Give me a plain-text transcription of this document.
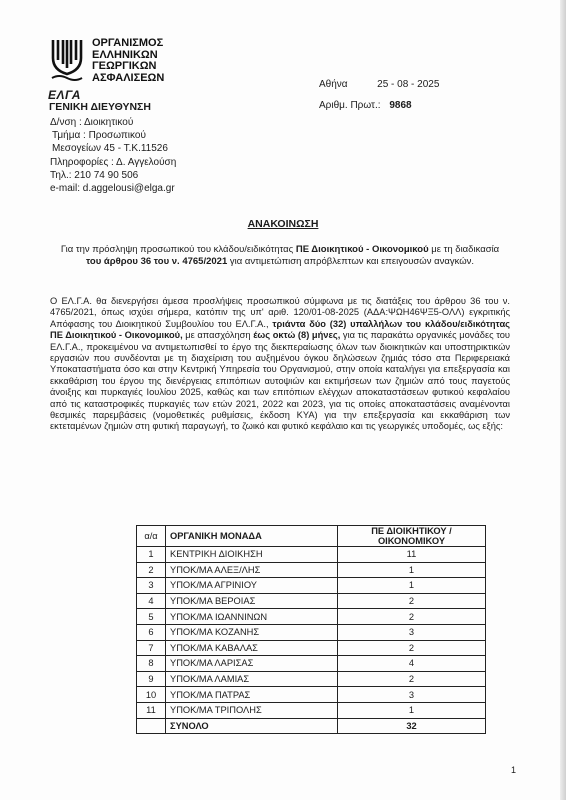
ΟΡΓΑΝΙΣΜΟΣ
ΕΛΛΗΝΙΚΩΝ
ΓΕΩΡΓΙΚΩΝ
ΑΣΦΑΛΙΣΕΩΝ
ΕΛΓΑ
ΓΕΝΙΚΗ ΔΙΕΥΘΥΝΣΗ
Δ/νση : Διοικητικού
Τμήμα : Προσωπικού
Μεσογείων 45 - Τ.Κ.11526
Πληροφορίες : Δ. Αγγελούση
Τηλ.: 210 74 90 506
e-mail: d.aggelousi@elga.gr
Αθήνα	25 - 08 - 2025
Αριθμ. Πρωτ.: 9868
ΑΝΑΚΟΙΝΩΣΗ
Για την πρόσληψη προσωπικού του κλάδου/ειδικότητας ΠΕ Διοικητικού - Οικονομικού με τη διαδικασία του άρθρου 36 του ν. 4765/2021 για αντιμετώπιση απρόβλεπτων και επειγουσών αναγκών.
Ο ΕΛ.Γ.Α. θα διενεργήσει άμεσα προσλήψεις προσωπικού σύμφωνα με τις διατάξεις του άρθρου 36 του ν. 4765/2021, όπως ισχύει σήμερα, κατόπιν της υπ' αριθ. 120/01-08-2025 (ΑΔΑ:ΨΩΗ46ΨΞ5-ΟΛΛ) εγκριτικής Απόφασης του Διοικητικού Συμβουλίου του ΕΛ.Γ.Α., τριάντα δύο (32) υπαλλήλων του κλάδου/ειδικότητας ΠΕ Διοικητικού - Οικονομικού, με απασχόληση έως οκτώ (8) μήνες, για τις παρακάτω οργανικές μονάδες του ΕΛ.Γ.Α., προκειμένου να αντιμετωπισθεί το έργο της διεκπεραίωσης όλων των διοικητικών και υποστηρικτικών εργασιών που συνδέονται με τη διαχείριση του αυξημένου όγκου δηλώσεων ζημιάς τόσο στα Περιφερειακά Υποκαταστήματα όσο και στην Κεντρική Υπηρεσία του Οργανισμού, στην οποία καταλήγει για επεξεργασία και εκκαθάριση του έργου της διενέργειας επιπόπιων αυτοψιών και εκτιμήσεων των ζημιών από τους παγετούς άνοιξης και πυρκαγιές Ιουλίου 2025, καθώς και των επιτόπιων ελέγχων αποκαταστάσεων φυτικού κεφαλαίου από τις καταστροφικές πυρκαγιές των ετών 2021, 2022 και 2023, για τις οποίες αποκαταστάσεις αναμένονται θεσμικές παρεμβάσεις (νομοθετικές ρυθμίσεις, έκδοση ΚΥΑ) για την επεξεργασία και εκκαθάριση των εκτεταμένων ζημιών στη φυτική παραγωγή, το ζωικό και φυτικό κεφάλαιο και τις γεωργικές υποδομές, ως εξής:
α/α	ΟΡΓΑΝΙΚΗ ΜΟΝΑΔΑ	ΠΕ ΔΙΟΙΚΗΤΙΚΟΥ / ΟΙΚΟΝΟΜΙΚΟΥ
1	ΚΕΝΤΡΙΚΗ ΔΙΟΙΚΗΣΗ	11
2	ΥΠΟΚ/ΜΑ ΑΛΕΞ/ΛΗΣ	1
3	ΥΠΟΚ/ΜΑ ΑΓΡΙΝΙΟΥ	1
4	ΥΠΟΚ/ΜΑ ΒΕΡΟΙΑΣ	2
5	ΥΠΟΚ/ΜΑ ΙΩΑΝΝΙΝΩΝ	2
6	ΥΠΟΚ/ΜΑ ΚΟΖΑΝΗΣ	3
7	ΥΠΟΚ/ΜΑ ΚΑΒΑΛΑΣ	2
8	ΥΠΟΚ/ΜΑ ΛΑΡΙΣΑΣ	4
9	ΥΠΟΚ/ΜΑ ΛΑΜΙΑΣ	2
10	ΥΠΟΚ/ΜΑ ΠΑΤΡΑΣ	3
11	ΥΠΟΚ/ΜΑ ΤΡΙΠΟΛΗΣ	1
	ΣΥΝΟΛΟ	32
1
